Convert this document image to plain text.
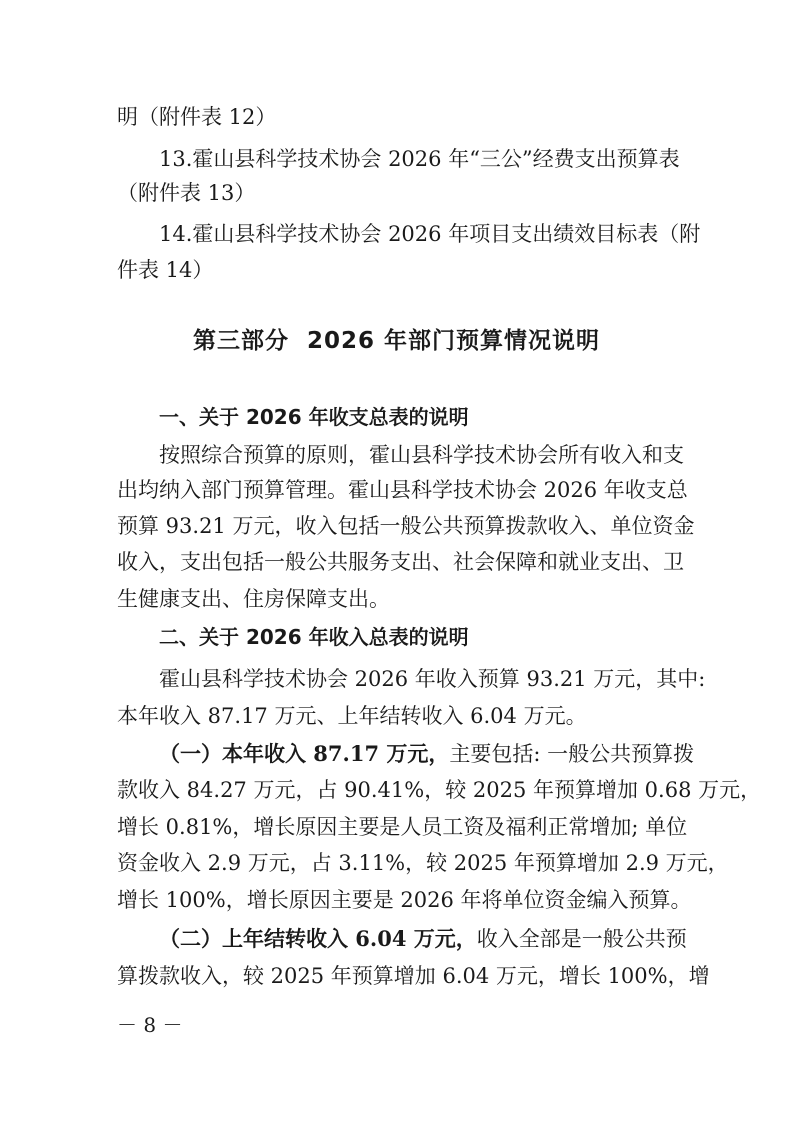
明（附件表 12）
13.霍山县科学技术协会 2026 年“三公”经费支出预算表
（附件表 13）
14.霍山县科学技术协会 2026 年项目支出绩效目标表（附
件表 14）
第三部分 2026 年部门预算情况说明
一、关于 2026 年收支总表的说明
按照综合预算的原则，霍山县科学技术协会所有收入和支
出均纳入部门预算管理。霍山县科学技术协会 2026 年收支总
预算 93.21 万元，收入包括一般公共预算拨款收入、单位资金
收入，支出包括一般公共服务支出、社会保障和就业支出、卫
生健康支出、住房保障支出。
二、关于 2026 年收入总表的说明
霍山县科学技术协会 2026 年收入预算 93.21 万元，其中:
本年收入 87.17 万元、上年结转收入 6.04 万元。
（一）本年收入 87.17 万元，主要包括: 一般公共预算拨
款收入 84.27 万元，占 90.41%，较 2025 年预算增加 0.68 万元，
增长 0.81%，增长原因主要是人员工资及福利正常增加; 单位
资金收入 2.9 万元，占 3.11%，较 2025 年预算增加 2.9 万元，
增长 100%，增长原因主要是 2026 年将单位资金编入预算。
（二）上年结转收入 6.04 万元，收入全部是一般公共预
算拨款收入，较 2025 年预算增加 6.04 万元，增长 100%，增
－ 8 －
